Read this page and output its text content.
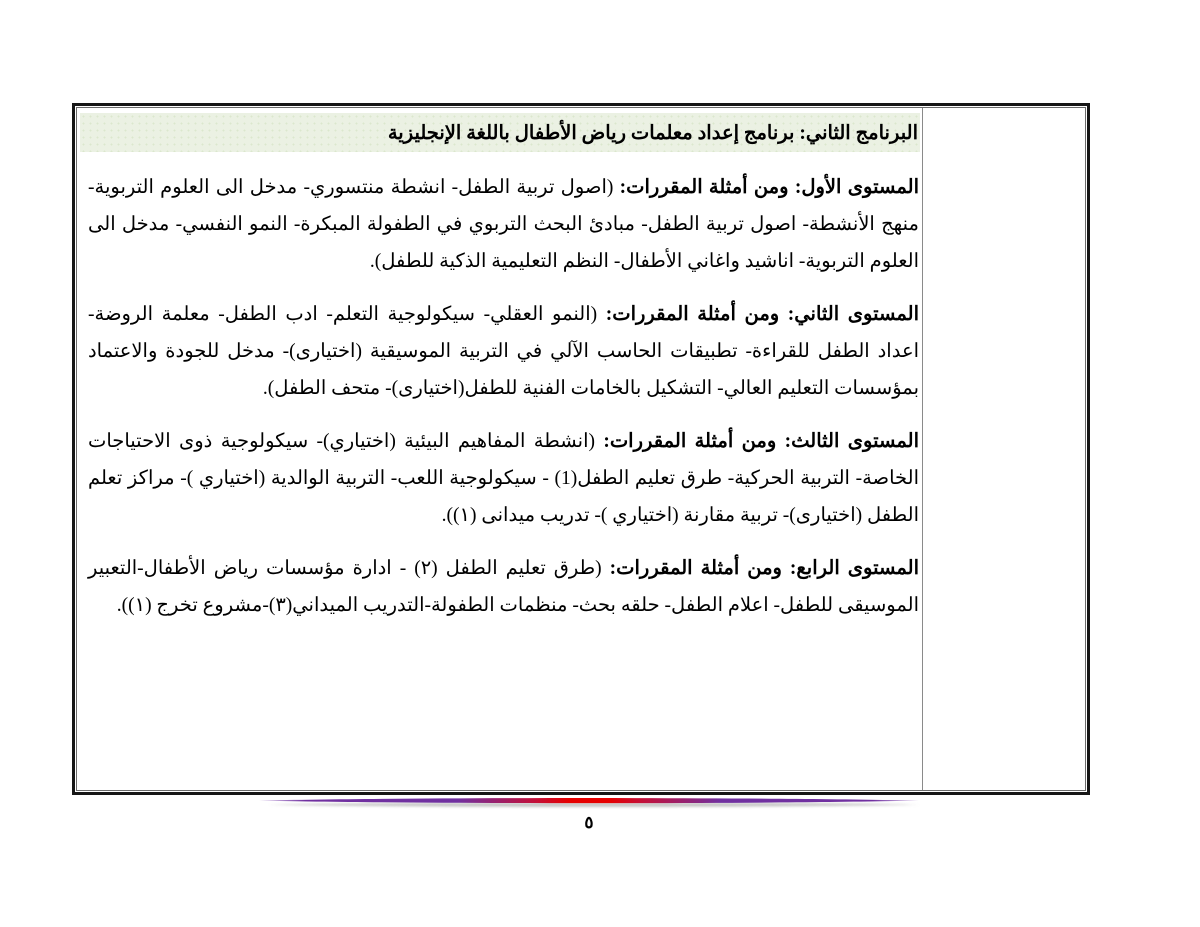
البرنامج الثاني: برنامج إعداد معلمات رياض الأطفال باللغة الإنجليزية

المستوى الأول: ومن أمثلة المقررات: (اصول تربية الطفل- انشطة منتسوري- مدخل الى العلوم التربوية- منهج الأنشطة- اصول تربية الطفل- مبادئ البحث التربوي في الطفولة المبكرة- النمو النفسي- مدخل الى العلوم التربوية- اناشيد واغاني الأطفال- النظم التعليمية الذكية للطفل).

المستوى الثاني: ومن أمثلة المقررات: (النمو العقلي- سيكولوجية التعلم- ادب الطفل- معلمة الروضة- اعداد الطفل للقراءة- تطبيقات الحاسب الآلي في التربية الموسيقية (اختيارى)- مدخل للجودة والاعتماد بمؤسسات التعليم العالي- التشكيل بالخامات الفنية للطفل(اختيارى)- متحف الطفل).

المستوى الثالث: ومن أمثلة المقررات: (انشطة المفاهيم البيئية (اختياري)- سيكولوجية ذوى الاحتياجات الخاصة- التربية الحركية- طرق تعليم الطفل(1) - سيكولوجية اللعب- التربية الوالدية (اختياري )- مراكز تعلم الطفل (اختيارى)- تربية مقارنة (اختياري )- تدريب ميدانى (١)).

المستوى الرابع: ومن أمثلة المقررات: (طرق تعليم الطفل (٢) - ادارة مؤسسات رياض الأطفال-التعبير الموسيقى للطفل- اعلام الطفل- حلقه بحث- منظمات الطفولة-التدريب الميداني(٣)-مشروع تخرج (١)).

٥
